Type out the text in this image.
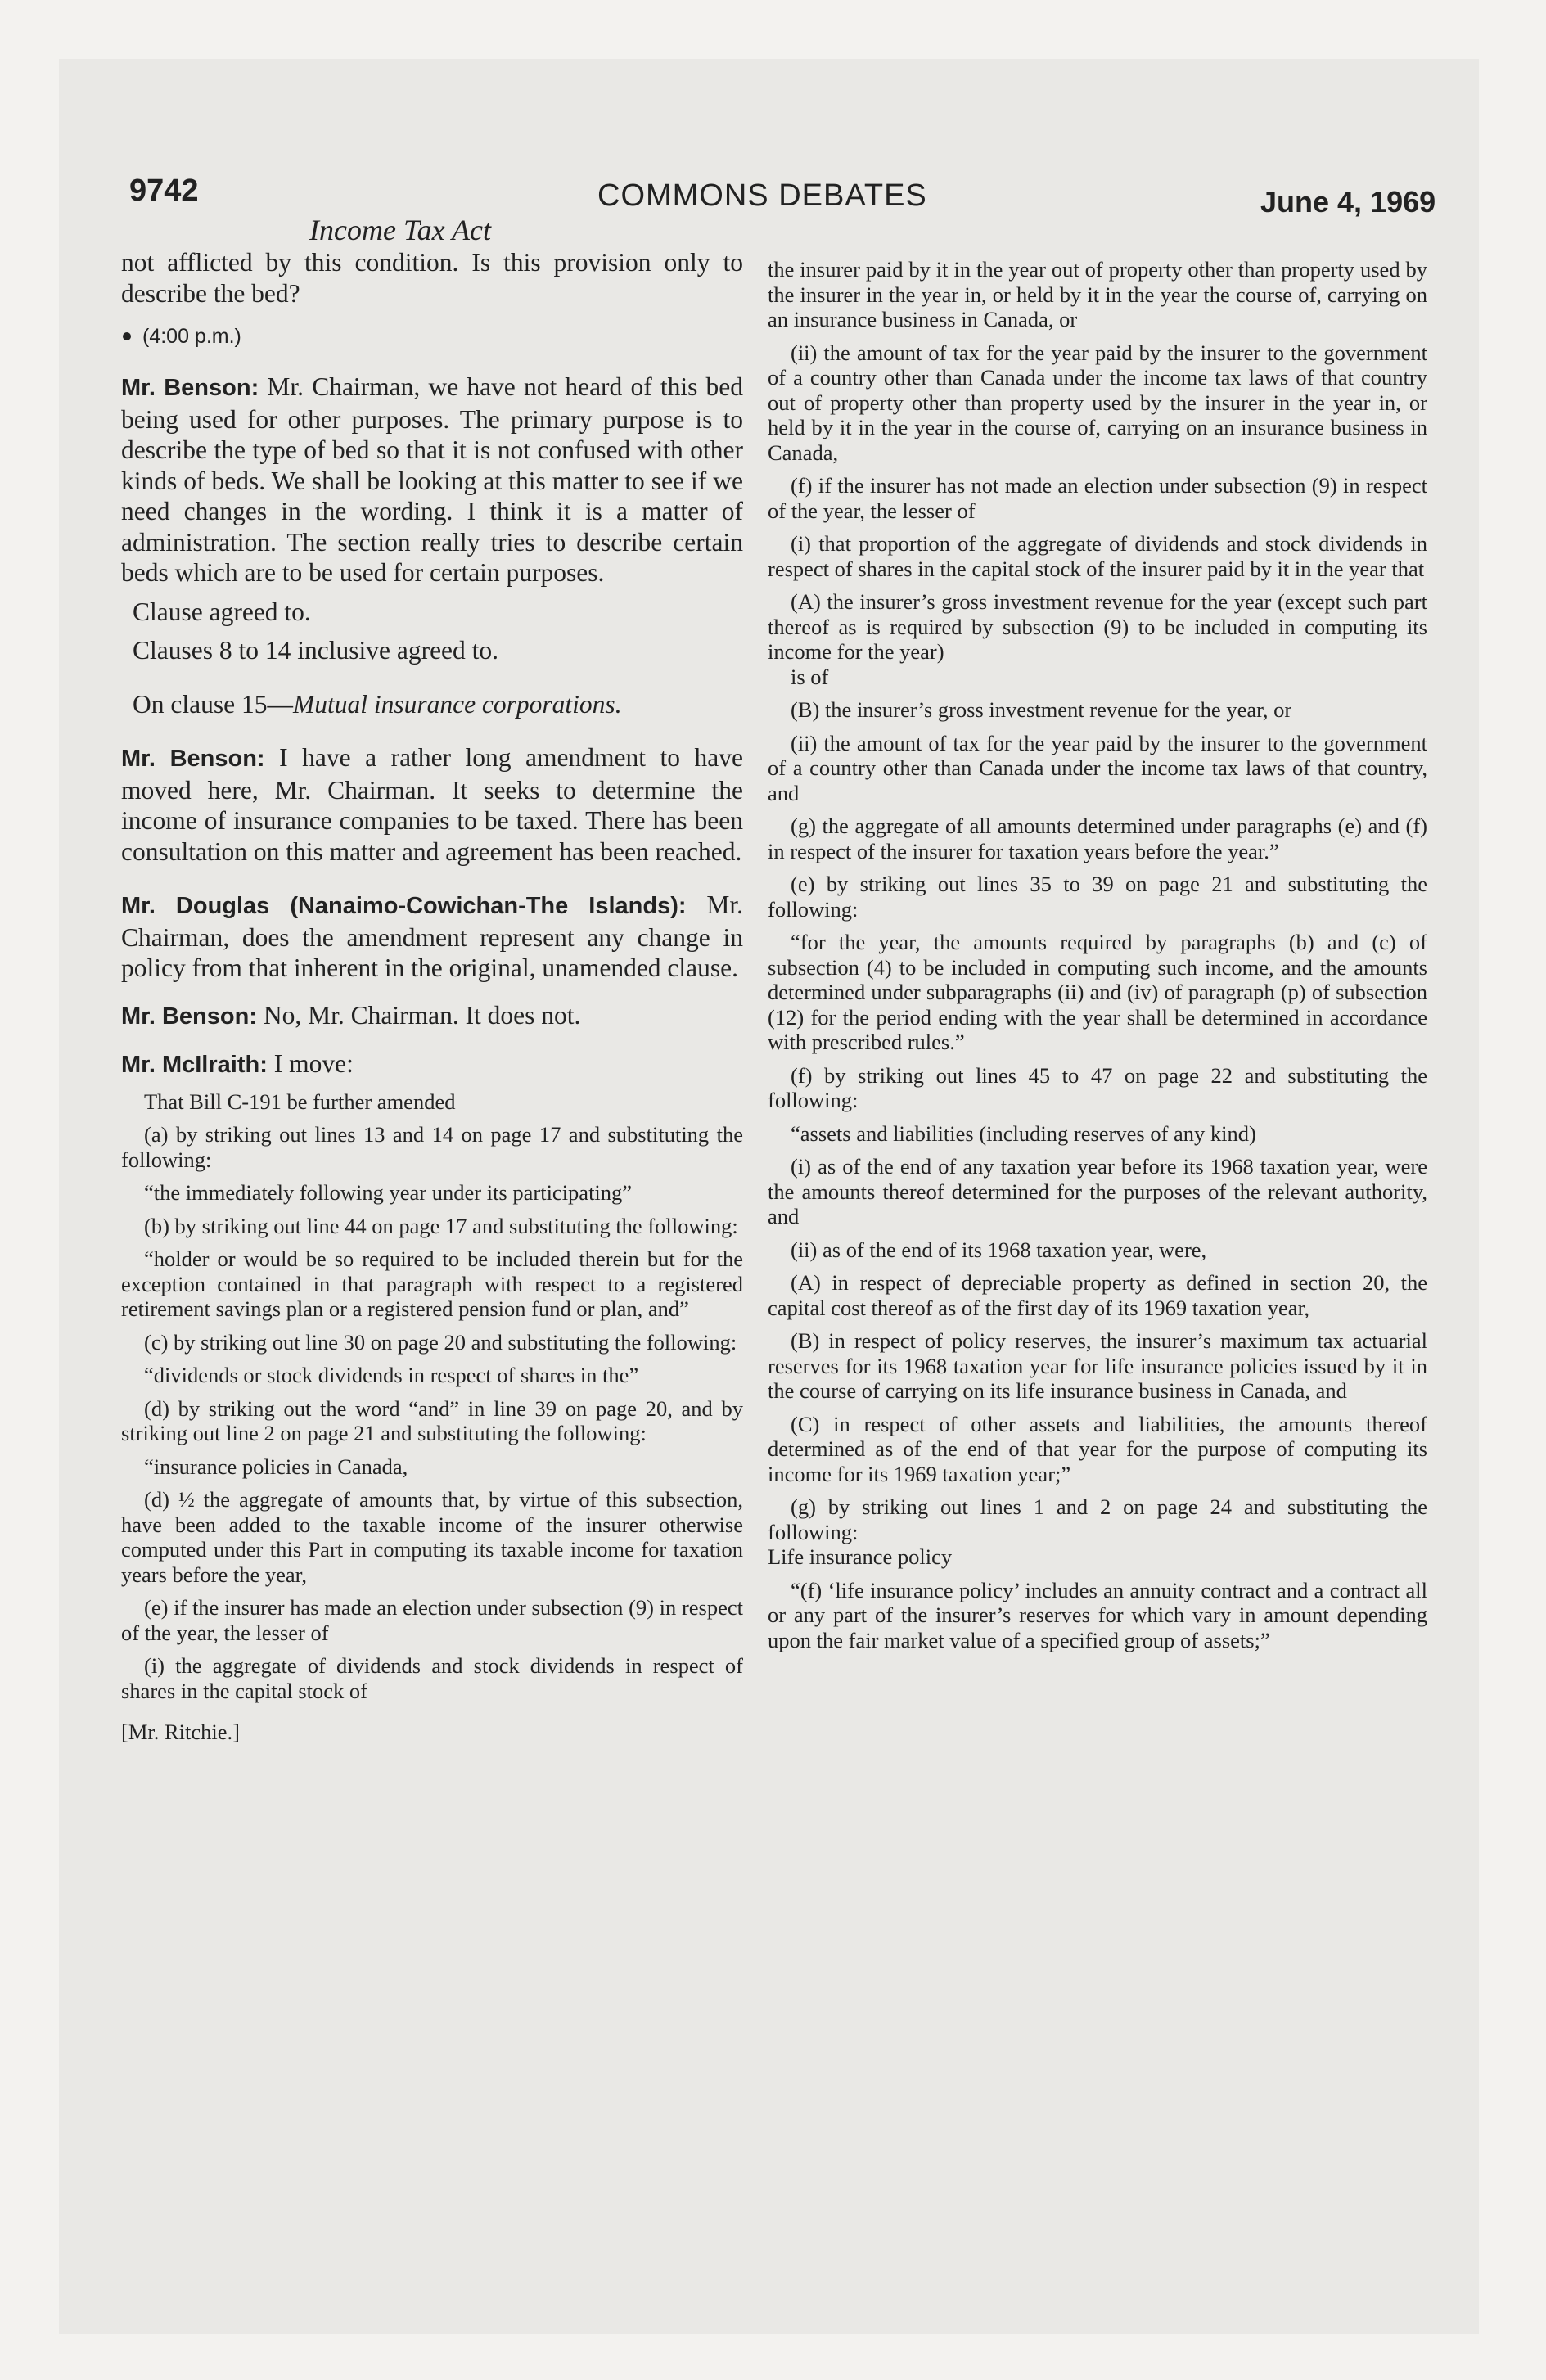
9742	COMMONS DEBATES	June 4, 1969
Income Tax Act

not afflicted by this condition. Is this provision only to describe the bed?

(4:00 p.m.)

Mr. Benson: Mr. Chairman, we have not heard of this bed being used for other purposes. The primary purpose is to describe the type of bed so that it is not confused with other kinds of beds. We shall be looking at this matter to see if we need changes in the wording. I think it is a matter of administration. The section really tries to describe certain beds which are to be used for certain purposes.

Clause agreed to.

Clauses 8 to 14 inclusive agreed to.

On clause 15—Mutual insurance corporations.

Mr. Benson: I have a rather long amendment to have moved here, Mr. Chairman. It seeks to determine the income of insurance companies to be taxed. There has been consultation on this matter and agreement has been reached.

Mr. Douglas (Nanaimo-Cowichan-The Islands): Mr. Chairman, does the amendment represent any change in policy from that inherent in the original, unamended clause.

Mr. Benson: No, Mr. Chairman. It does not.

Mr. McIlraith: I move:

That Bill C-191 be further amended

(a) by striking out lines 13 and 14 on page 17 and substituting the following:

“the immediately following year under its participating”

(b) by striking out line 44 on page 17 and substituting the following:

“holder or would be so required to be included therein but for the exception contained in that paragraph with respect to a registered retirement savings plan or a registered pension fund or plan, and”

(c) by striking out line 30 on page 20 and substituting the following:

“dividends or stock dividends in respect of shares in the”

(d) by striking out the word “and” in line 39 on page 20, and by striking out line 2 on page 21 and substituting the following:

“insurance policies in Canada,

(d) ½ the aggregate of amounts that, by virtue of this subsection, have been added to the taxable income of the insurer otherwise computed under this Part in computing its taxable income for taxation years before the year,

(e) if the insurer has made an election under subsection (9) in respect of the year, the lesser of

(i) the aggregate of dividends and stock dividends in respect of shares in the capital stock of

[Mr. Ritchie.]

the insurer paid by it in the year out of property other than property used by the insurer in the year in, or held by it in the year the course of, carrying on an insurance business in Canada, or

(ii) the amount of tax for the year paid by the insurer to the government of a country other than Canada under the income tax laws of that country out of property other than property used by the insurer in the year in, or held by it in the year in the course of, carrying on an insurance business in Canada,

(f) if the insurer has not made an election under subsection (9) in respect of the year, the lesser of

(i) that proportion of the aggregate of dividends and stock dividends in respect of shares in the capital stock of the insurer paid by it in the year that

(A) the insurer’s gross investment revenue for the year (except such part thereof as is required by subsection (9) to be included in computing its income for the year)

is of

(B) the insurer’s gross investment revenue for the year, or

(ii) the amount of tax for the year paid by the insurer to the government of a country other than Canada under the income tax laws of that country, and

(g) the aggregate of all amounts determined under paragraphs (e) and (f) in respect of the insurer for taxation years before the year.”

(e) by striking out lines 35 to 39 on page 21 and substituting the following:

“for the year, the amounts required by paragraphs (b) and (c) of subsection (4) to be included in computing such income, and the amounts determined under subparagraphs (ii) and (iv) of paragraph (p) of subsection (12) for the period ending with the year shall be determined in accordance with prescribed rules.”

(f) by striking out lines 45 to 47 on page 22 and substituting the following:

“assets and liabilities (including reserves of any kind)

(i) as of the end of any taxation year before its 1968 taxation year, were the amounts thereof determined for the purposes of the relevant authority, and

(ii) as of the end of its 1968 taxation year, were,

(A) in respect of depreciable property as defined in section 20, the capital cost thereof as of the first day of its 1969 taxation year,

(B) in respect of policy reserves, the insurer’s maximum tax actuarial reserves for its 1968 taxation year for life insurance policies issued by it in the course of carrying on its life insurance business in Canada, and

(C) in respect of other assets and liabilities, the amounts thereof determined as of the end of that year for the purpose of computing its income for its 1969 taxation year;”

(g) by striking out lines 1 and 2 on page 24 and substituting the following:

Life insurance policy

“(f) ‘life insurance policy’ includes an annuity contract and a contract all or any part of the insurer’s reserves for which vary in amount depending upon the fair market value of a specified group of assets;”
